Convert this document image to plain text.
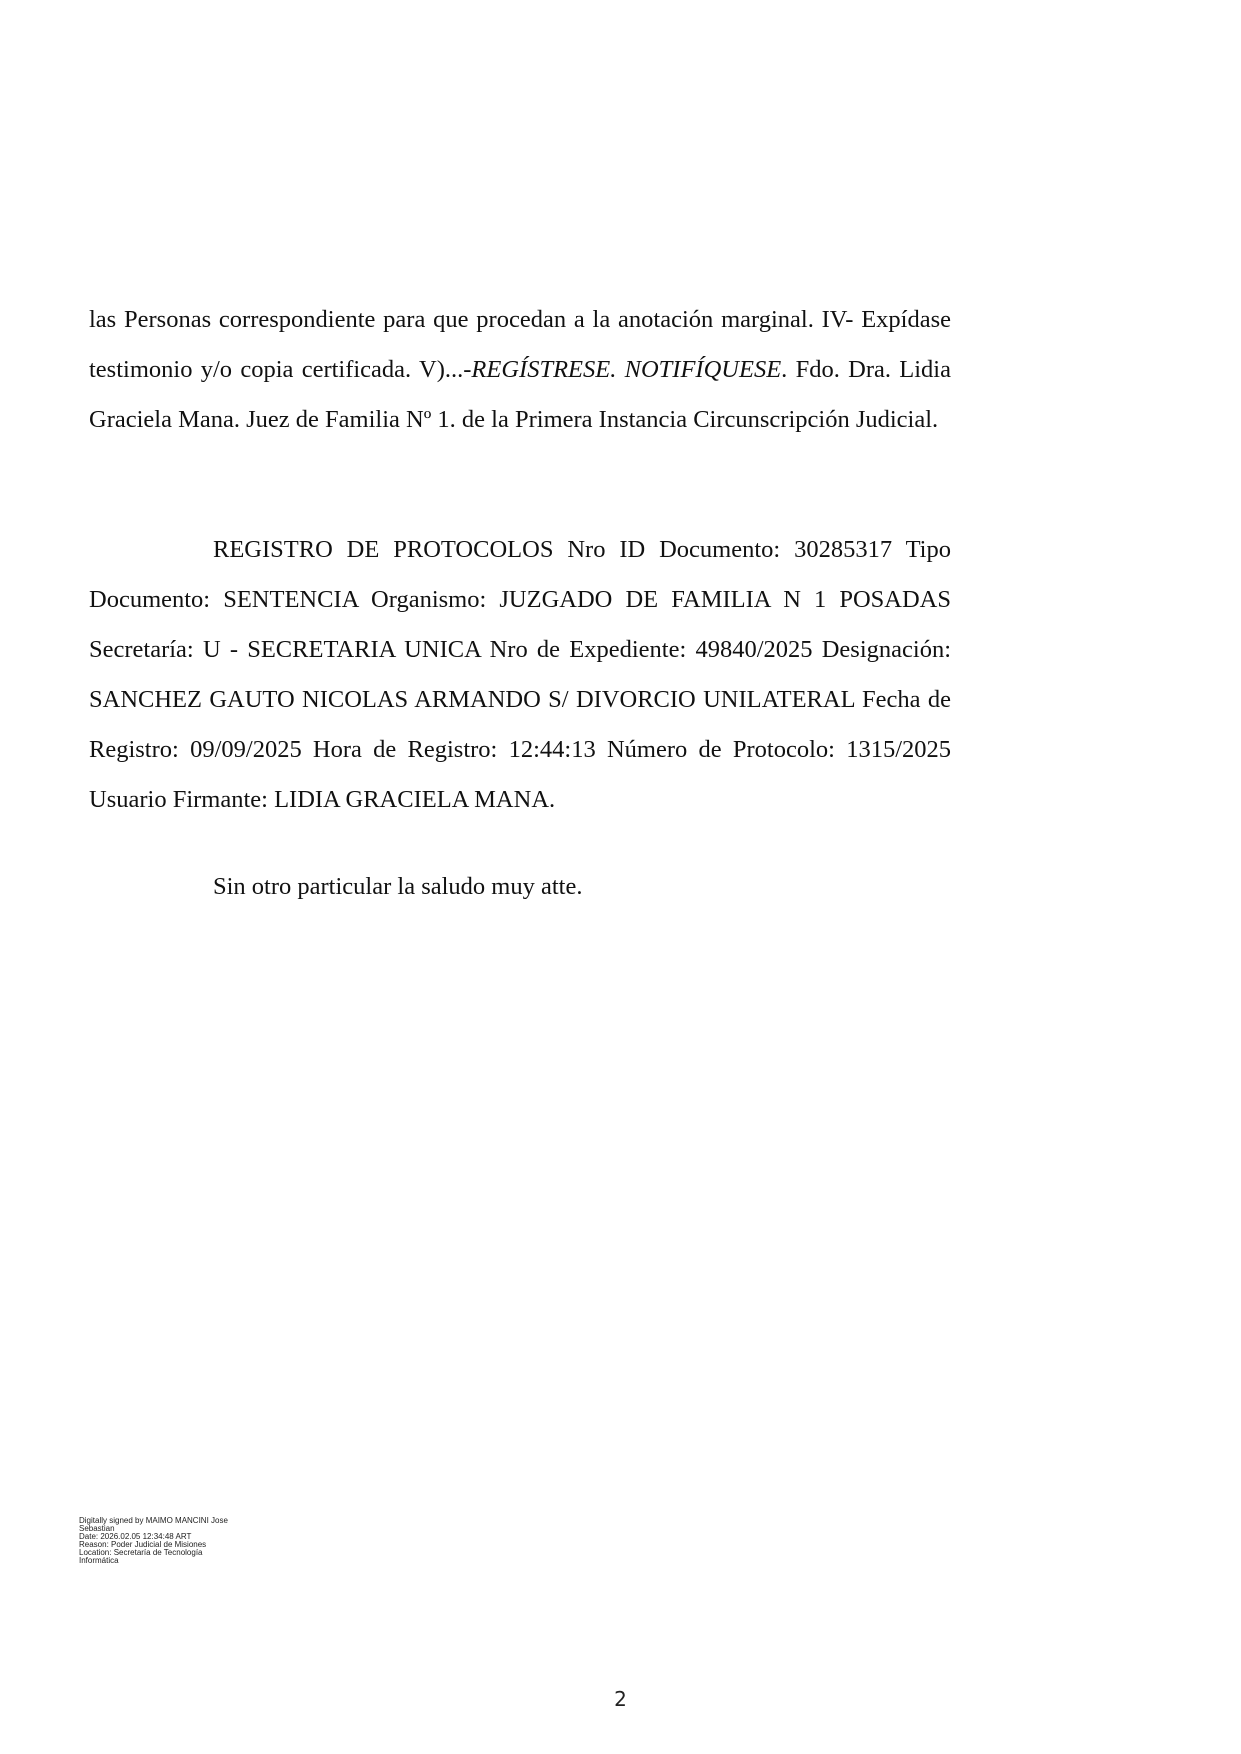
las Personas correspondiente para que procedan a la anotación marginal. IV- Expídase testimonio y/o copia certificada. V)...-REGÍSTRESE. NOTIFÍQUESE. Fdo. Dra. Lidia Graciela Mana. Juez de Familia Nº 1. de la Primera Instancia Circunscripción Judicial.
REGISTRO DE PROTOCOLOS Nro ID Documento: 30285317 Tipo Documento: SENTENCIA Organismo: JUZGADO DE FAMILIA N 1 POSADAS Secretaría: U - SECRETARIA UNICA Nro de Expediente: 49840/2025 Designación: SANCHEZ GAUTO NICOLAS ARMANDO S/ DIVORCIO UNILATERAL Fecha de Registro: 09/09/2025 Hora de Registro: 12:44:13 Número de Protocolo: 1315/2025 Usuario Firmante: LIDIA GRACIELA MANA.
Sin otro particular la saludo muy atte.
Digitally signed by MAIMO MANCINI Jose
Sebastian
Date: 2026.02.05 12:34:48 ART
Reason: Poder Judicial de Misiones
Location: Secretaría de Tecnología
Informática
2
